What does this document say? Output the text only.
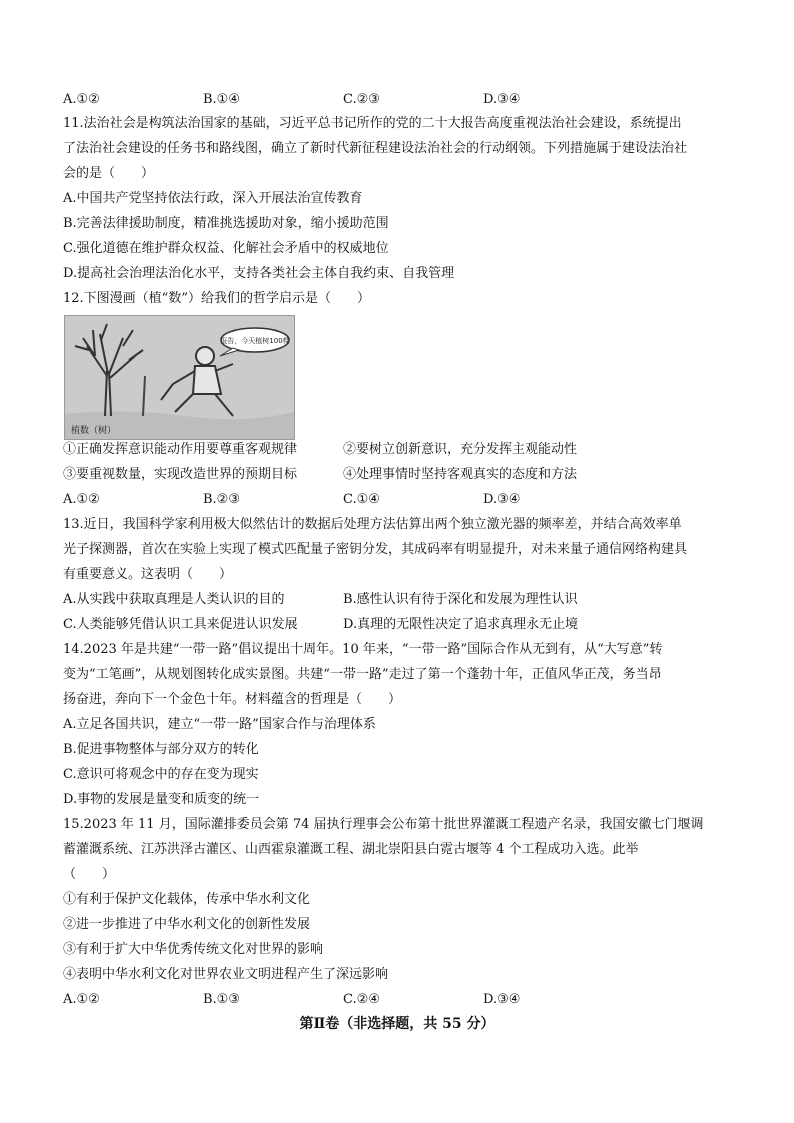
A.①②	B.①④	C.②③	D.③④
11.法治社会是构筑法治国家的基础，习近平总书记所作的党的二十大报告高度重视法治社会建设，系统提出
了法治社会建设的任务书和路线图，确立了新时代新征程建设法治社会的行动纲领。下列措施属于建设法治社
会的是（　　）
A.中国共产党坚持依法行政，深入开展法治宣传教育
B.完善法律援助制度，精准挑选援助对象，缩小援助范围
C.强化道德在维护群众权益、化解社会矛盾中的权威地位
D.提高社会治理法治化水平，支持各类社会主体自我约束、自我管理
12.下图漫画（植“数”）给我们的哲学启示是（　　）
报告，今天植树100棵
植数（树）
①正确发挥意识能动作用要尊重客观规律	②要树立创新意识，充分发挥主观能动性
③要重视数量，实现改造世界的预期目标	④处理事情时坚持客观真实的态度和方法
A.①②	B.②③	C.①④	D.③④
13.近日，我国科学家利用极大似然估计的数据后处理方法估算出两个独立激光器的频率差，并结合高效率单
光子探测器，首次在实验上实现了模式匹配量子密钥分发，其成码率有明显提升，对未来量子通信网络构建具
有重要意义。这表明（　　）
A.从实践中获取真理是人类认识的目的	B.感性认识有待于深化和发展为理性认识
C.人类能够凭借认识工具来促进认识发展	D.真理的无限性决定了追求真理永无止境
14.2023 年是共建“一带一路”倡议提出十周年。10 年来，“一带一路”国际合作从无到有，从“大写意”转
变为“工笔画”，从规划图转化成实景图。共建“一带一路”走过了第一个蓬勃十年，正值风华正茂，务当昂
扬奋进，奔向下一个金色十年。材料蕴含的哲理是（　　）
A.立足各国共识，建立“一带一路”国家合作与治理体系
B.促进事物整体与部分双方的转化
C.意识可将观念中的存在变为现实
D.事物的发展是量变和质变的统一
15.2023 年 11 月，国际灌排委员会第 74 届执行理事会公布第十批世界灌溉工程遗产名录，我国安徽七门堰调
蓄灌溉系统、江苏洪泽古灌区、山西霍泉灌溉工程、湖北崇阳县白霓古堰等 4 个工程成功入选。此举
（　　）
①有利于保护文化载体，传承中华水利文化
②进一步推进了中华水利文化的创新性发展
③有利于扩大中华优秀传统文化对世界的影响
④表明中华水利文化对世界农业文明进程产生了深远影响
A.①②	B.①③	C.②④	D.③④
第Ⅱ卷（非选择题，共 55 分）
